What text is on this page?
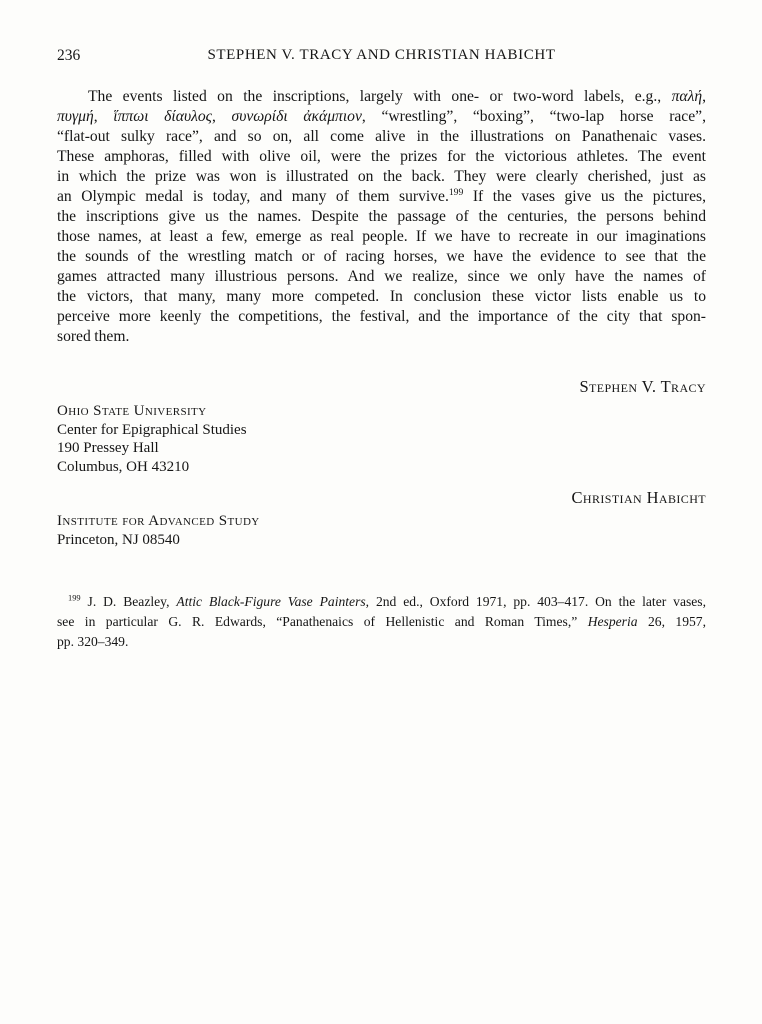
236	STEPHEN V. TRACY AND CHRISTIAN HABICHT
The events listed on the inscriptions, largely with one- or two-word labels, e.g., παλή,
πυγμή, ἵππωι δίαυλος, συνωρίδι ἀκάμπιον, “wrestling”, “boxing”, “two-lap horse race”,
“flat-out sulky race”, and so on, all come alive in the illustrations on Panathenaic vases.
These amphoras, filled with olive oil, were the prizes for the victorious athletes. The event
in which the prize was won is illustrated on the back. They were clearly cherished, just as
an Olympic medal is today, and many of them survive.$^{199}$ If the vases give us the pictures,
the inscriptions give us the names. Despite the passage of the centuries, the persons behind
those names, at least a few, emerge as real people. If we have to recreate in our imaginations
the sounds of the wrestling match or of racing horses, we have the evidence to see that the
games attracted many illustrious persons. And we realize, since we only have the names of
the victors, that many, many more competed. In conclusion these victor lists enable us to
perceive more keenly the competitions, the festival, and the importance of the city that spon-
sored them.
Stephen V. Tracy
Ohio State University
Center for Epigraphical Studies
190 Pressey Hall
Columbus, OH 43210
Christian Habicht
Institute for Advanced Study
Princeton, NJ 08540
$^{199}$ J. D. Beazley, Attic Black-Figure Vase Painters, 2nd ed., Oxford 1971, pp. 403–417. On the later vases,
see in particular G. R. Edwards, “Panathenaics of Hellenistic and Roman Times,” Hesperia 26, 1957,
pp. 320–349.
